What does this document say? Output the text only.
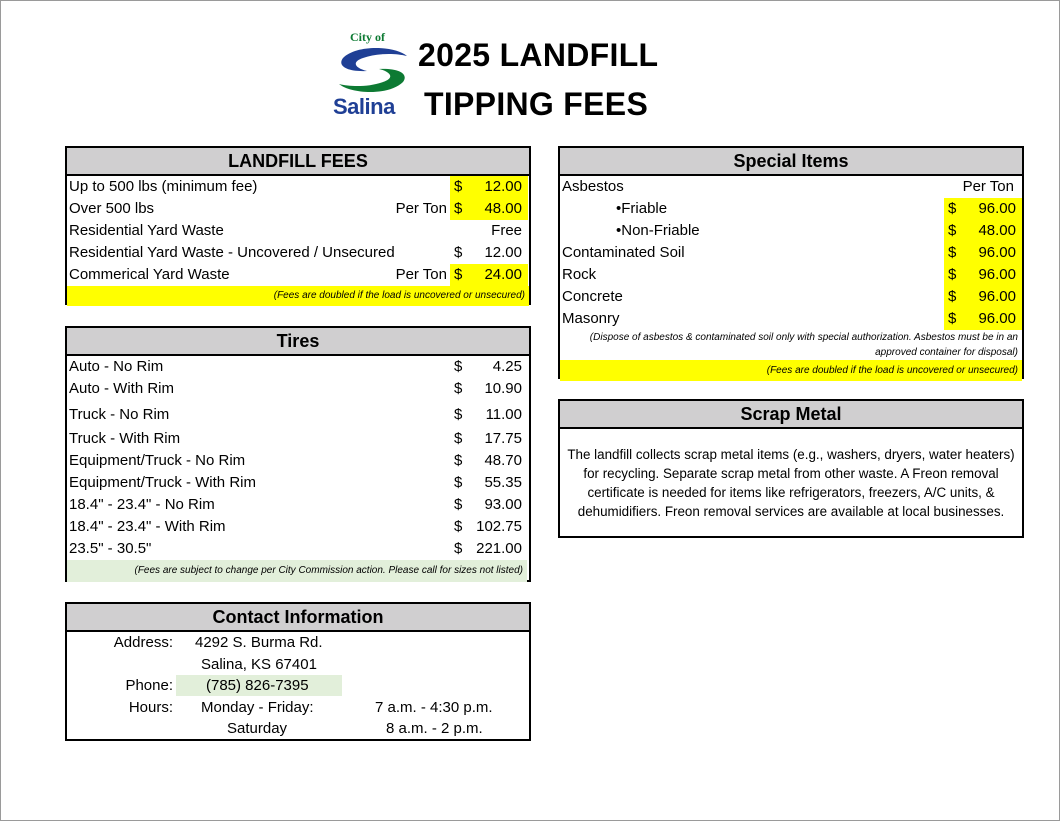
City of
Salina
2025 LANDFILL
TIPPING FEES
LANDFILL FEES
Up to 500 lbs (minimum fee)	$ 12.00
Over 500 lbs	Per Ton $ 48.00
Residential Yard Waste	Free
Residential Yard Waste - Uncovered / Unsecured	$ 12.00
Commerical Yard Waste	Per Ton $ 24.00
(Fees are doubled if the load is uncovered or unsecured)
Tires
Auto - No Rim	$ 4.25
Auto - With Rim	$ 10.90
Truck - No Rim	$ 11.00
Truck - With Rim	$ 17.75
Equipment/Truck - No Rim	$ 48.70
Equipment/Truck - With Rim	$ 55.35
18.4" - 23.4" - No Rim	$ 93.00
18.4" - 23.4" - With Rim	$ 102.75
23.5" - 30.5"	$ 221.00
(Fees are subject to change per City Commission action. Please call for sizes not listed)
Contact Information
Address: 4292 S. Burma Rd.
Salina, KS 67401
Phone: (785) 826-7395
Hours: Monday - Friday:	7 a.m. - 4:30 p.m.
Saturday	8 a.m. - 2 p.m.
Special Items
Asbestos	Per Ton
•Friable	$ 96.00
•Non-Friable	$ 48.00
Contaminated Soil	$ 96.00
Rock	$ 96.00
Concrete	$ 96.00
Masonry	$ 96.00
(Dispose of asbestos & contaminated soil only with special authorization. Asbestos must be in an approved container for disposal)
(Fees are doubled if the load is uncovered or unsecured)
Scrap Metal
The landfill collects scrap metal items (e.g., washers, dryers, water heaters) for recycling. Separate scrap metal from other waste. A Freon removal certificate is needed for items like refrigerators, freezers, A/C units, & dehumidifiers. Freon removal services are available at local businesses.
